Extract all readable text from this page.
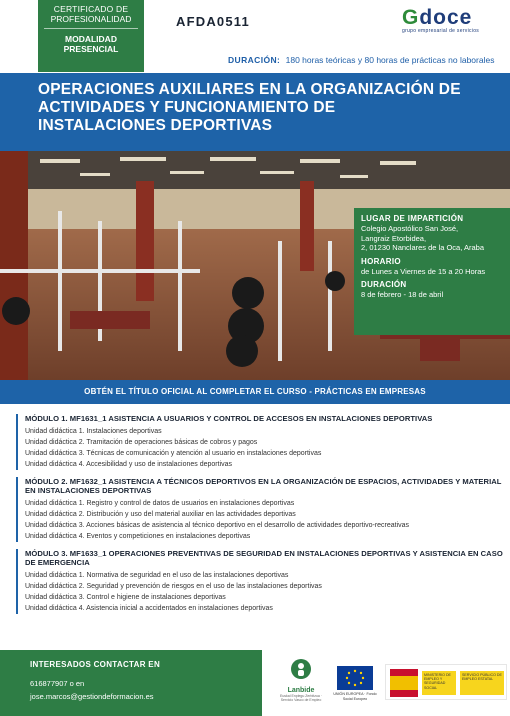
CERTIFICADO DE
PROFESIONALIDAD
MODALIDAD
PRESENCIAL
AFDA0511	Gdoce
grupo empresarial de servicios
DURACIÓN: 180 horas teóricas y 80 horas de prácticas no laborales
OPERACIONES AUXILIARES EN LA ORGANIZACIÓN DE
ACTIVIDADES Y FUNCIONAMIENTO DE
INSTALACIONES DEPORTIVAS
LUGAR DE IMPARTICIÓN
Colegio Apostólico San José,
Langraiz Etorbidea,
2, 01230 Nanclares de la Oca, Araba
HORARIO
de Lunes a Viernes de 15 a 20 Horas
DURACIÓN
8 de febrero - 18 de abril
OBTÉN EL TÍTULO OFICIAL AL COMPLETAR EL CURSO - PRÁCTICAS EN EMPRESAS
MÓDULO 1. MF1631_1 ASISTENCIA A USUARIOS Y CONTROL DE ACCESOS EN INSTALACIONES DEPORTIVAS
Unidad didáctica 1. Instalaciones deportivas
Unidad didáctica 2. Tramitación de operaciones básicas de cobros y pagos
Unidad didáctica 3. Técnicas de comunicación y atención al usuario en instalaciones deportivas
Unidad didáctica 4. Accesibilidad y uso de instalaciones deportivas
MÓDULO 2. MF1632_1 ASISTENCIA A TÉCNICOS DEPORTIVOS EN LA ORGANIZACIÓN DE ESPACIOS, ACTIVIDADES Y MATERIAL EN INSTALACIONES DEPORTIVAS
Unidad didáctica 1. Registro y control de datos de usuarios en instalaciones deportivas
Unidad didáctica 2. Distribución y uso del material auxiliar en las actividades deportivas
Unidad didáctica 3. Acciones básicas de asistencia al técnico deportivo en el desarrollo de actividades deportivo-recreativas
Unidad didáctica 4. Eventos y competiciones en instalaciones deportivas
MÓDULO 3. MF1633_1 OPERACIONES PREVENTIVAS DE SEGURIDAD EN INSTALACIONES DEPORTIVAS Y ASISTENCIA EN CASO DE EMERGENCIA
Unidad didáctica 1. Normativa de seguridad en el uso de las instalaciones deportivas
Unidad didáctica 2. Seguridad y prevención de riesgos en el uso de las instalaciones deportivas
Unidad didáctica 3. Control e higiene de instalaciones deportivas
Unidad didáctica 4. Asistencia inicial a accidentados en instalaciones deportivas
INTERESADOS CONTACTAR EN
616877907 o en
jose.marcos@gestiondeformacion.es
Lanbide
Euskal Enplegu Zerbitzua · Servicio Vasco de Empleo
UNIÓN EUROPEA · Fondo Social Europeo
MINISTERIO DE EMPLEO Y SEGURIDAD SOCIAL
SERVICIO PÚBLICO DE EMPLEO ESTATAL
